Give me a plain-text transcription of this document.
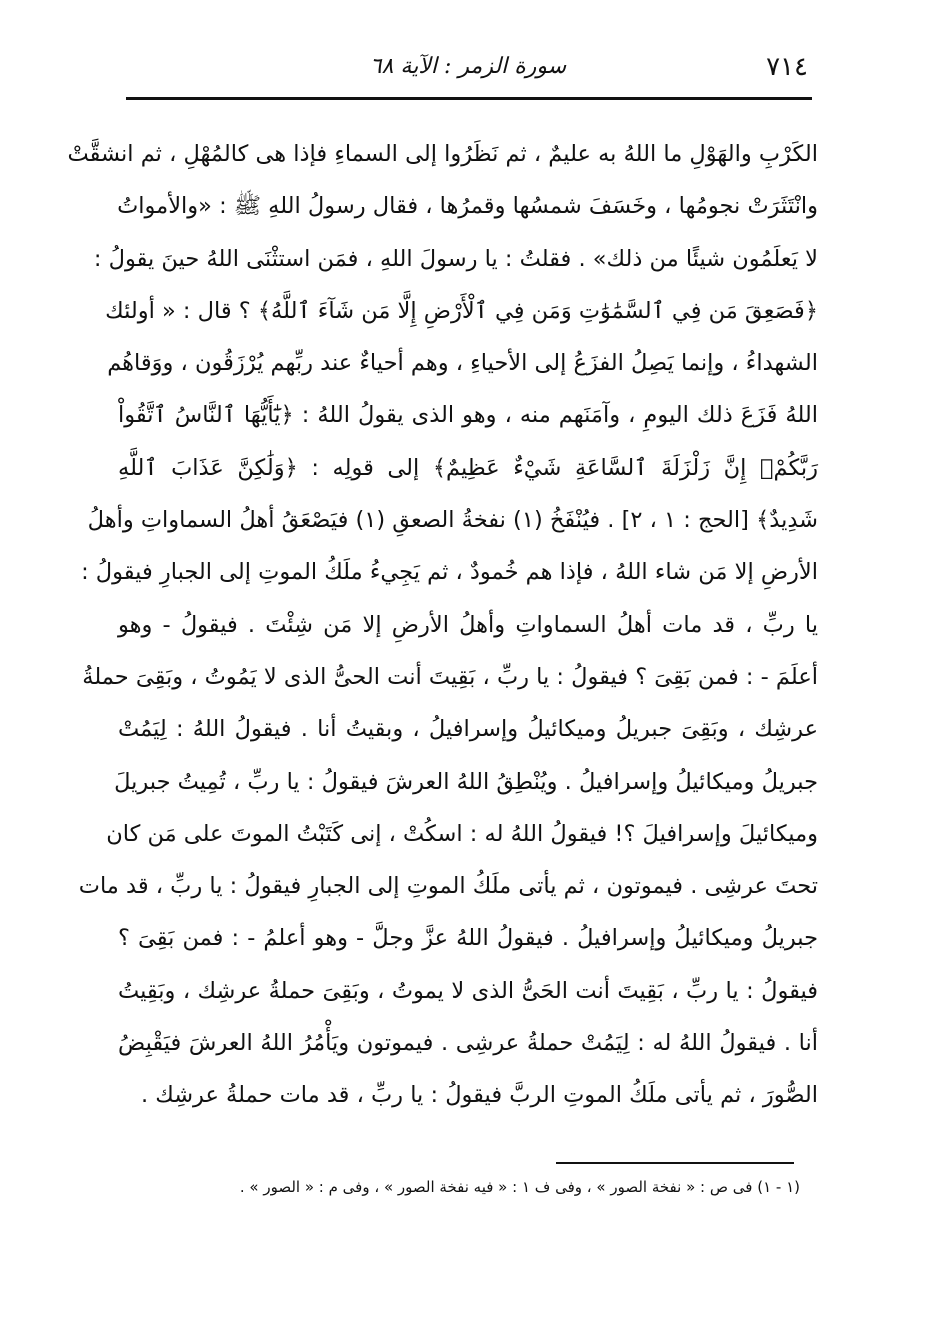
٧١٤
سورة الزمر : الآية ٦٨
الكَرْبِ والهَوْلِ ما اللهُ به عليمٌ ، ثم نَظَرُوا إلى السماءِ فإذا هى كالمُهْلِ ، ثم انشقَّتْ
وانْتَثَرَتْ نجومُها ، وخَسَفَ شمسُها وقمرُها ، فقال رسولُ اللهِ ﷺ : «والأمواتُ
لا يَعلَمُون شيئًا من ذلك» . فقلتُ : يا رسولَ اللهِ ، فمَن استثْنَى اللهُ حينَ يقولُ :
﴿فَصَعِقَ مَن فِي ٱلسَّمَٰوَٰتِ وَمَن فِي ٱلْأَرْضِ إِلَّا مَن شَآءَ ٱللَّهُ﴾ ؟ قال : « أولئك
الشهداءُ ، وإنما يَصِلُ الفزَعُ إلى الأحياءِ ، وهم أحياءٌ عند ربِّهم يُرْزَقُون ، ووَقاهُم
اللهُ فَزَعَ ذلك اليومِ ، وآمَنَهم منه ، وهو الذى يقولُ اللهُ : ﴿يَٰٓأَيُّهَا ٱلنَّاسُ ٱتَّقُواْ
رَبَّكُمْۚ إِنَّ زَلْزَلَةَ ٱلسَّاعَةِ شَيْءٌ عَظِيمٌ﴾ إلى قولِه : ﴿وَلَٰكِنَّ عَذَابَ ٱللَّهِ
شَدِيدٌ﴾ [الحج : ١ ، ٢] . فيُنْفَخُ (١) نفخةُ الصعقِ (١) فيَصْعَقُ أهلُ السماواتِ وأهلُ
الأرضِ إلا مَن شاء اللهُ ، فإذا هم خُمودٌ ، ثم يَجِيءُ ملَكُ الموتِ إلى الجبارِ فيقولُ :
يا ربِّ ، قد مات أهلُ السماواتِ وأهلُ الأرضِ إلا مَن شِئْتَ . فيقولُ - وهو
أعلَمَ - : فمن بَقِىَ ؟ فيقولُ : يا ربِّ ، بَقِيتَ أنت الحىُّ الذى لا يَمُوتُ ، وبَقِىَ حملةُ
عرشِك ، وبَقِىَ جبريلُ وميكائيلُ وإسرافيلُ ، وبقيتُ أنا . فيقولُ اللهُ : لِيَمُتْ
جبريلُ وميكائيلُ وإسرافيلُ . ويُنْطِقُ اللهُ العرشَ فيقولُ : يا ربِّ ، تُمِيتُ جبريلَ
وميكائيلَ وإسرافيلَ ؟! فيقولُ اللهُ له : اسكُتْ ، إنى كَتَبْتُ الموتَ على مَن كان
تحتَ عرشِى . فيموتون ، ثم يأتى ملَكُ الموتِ إلى الجبارِ فيقولُ : يا ربِّ ، قد مات
جبريلُ وميكائيلُ وإسرافيلُ . فيقولُ اللهُ عزَّ وجلَّ - وهو أعلمُ - : فمن بَقِىَ ؟
فيقولُ : يا ربِّ ، بَقِيتَ أنت الحَىُّ الذى لا يموتُ ، وبَقِىَ حملةُ عرشِك ، وبَقِيتُ
أنا . فيقولُ اللهُ له : لِيَمُتْ حملةُ عرشِى . فيموتون ويَأْمُرُ اللهُ العرشَ فيَقْبِضُ
الصُّورَ ، ثم يأتى ملَكُ الموتِ الربَّ فيقولُ : يا ربِّ ، قد مات حملةُ عرشِك .
(١ - ١) فى ص : « نفخة الصور » ، وفى ف ١ : « فيه نفخة الصور » ، وفى م : « الصور » .
